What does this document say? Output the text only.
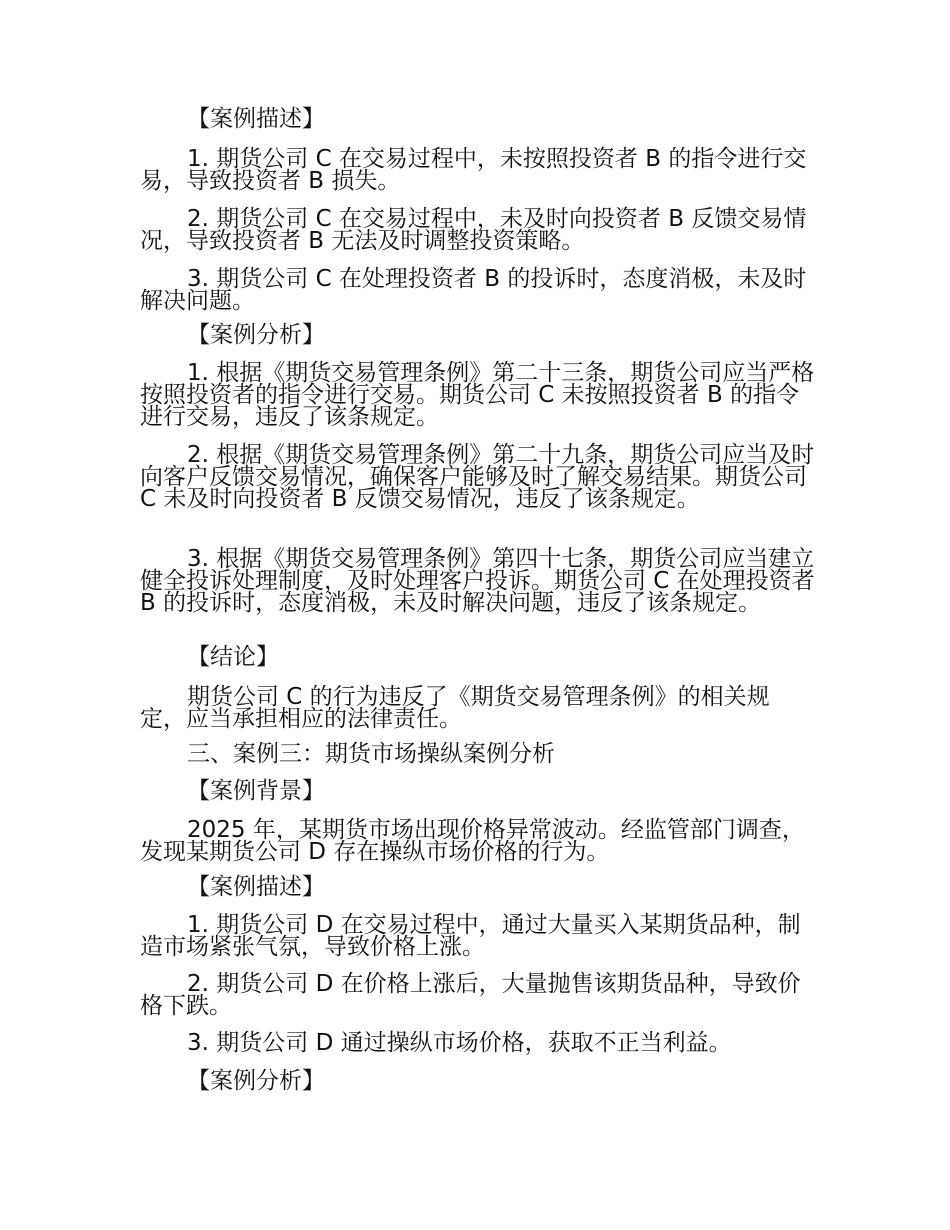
【案例描述】

1. 期货公司 C 在交易过程中，未按照投资者 B 的指令进行交易，导致投资者 B 损失。

2. 期货公司 C 在交易过程中，未及时向投资者 B 反馈交易情况，导致投资者 B 无法及时调整投资策略。

3. 期货公司 C 在处理投资者 B 的投诉时，态度消极，未及时解决问题。

【案例分析】

1. 根据《期货交易管理条例》第二十三条，期货公司应当严格按照投资者的指令进行交易。期货公司 C 未按照投资者 B 的指令进行交易，违反了该条规定。

2. 根据《期货交易管理条例》第二十九条，期货公司应当及时向客户反馈交易情况，确保客户能够及时了解交易结果。期货公司 C 未及时向投资者 B 反馈交易情况，违反了该条规定。

3. 根据《期货交易管理条例》第四十七条，期货公司应当建立健全投诉处理制度，及时处理客户投诉。期货公司 C 在处理投资者 B 的投诉时，态度消极，未及时解决问题，违反了该条规定。

【结论】

期货公司 C 的行为违反了《期货交易管理条例》的相关规定，应当承担相应的法律责任。

三、案例三：期货市场操纵案例分析

【案例背景】

2025 年，某期货市场出现价格异常波动。经监管部门调查，发现某期货公司 D 存在操纵市场价格的行为。

【案例描述】

1. 期货公司 D 在交易过程中，通过大量买入某期货品种，制造市场紧张气氛，导致价格上涨。

2. 期货公司 D 在价格上涨后，大量抛售该期货品种，导致价格下跌。

3. 期货公司 D 通过操纵市场价格，获取不正当利益。

【案例分析】
